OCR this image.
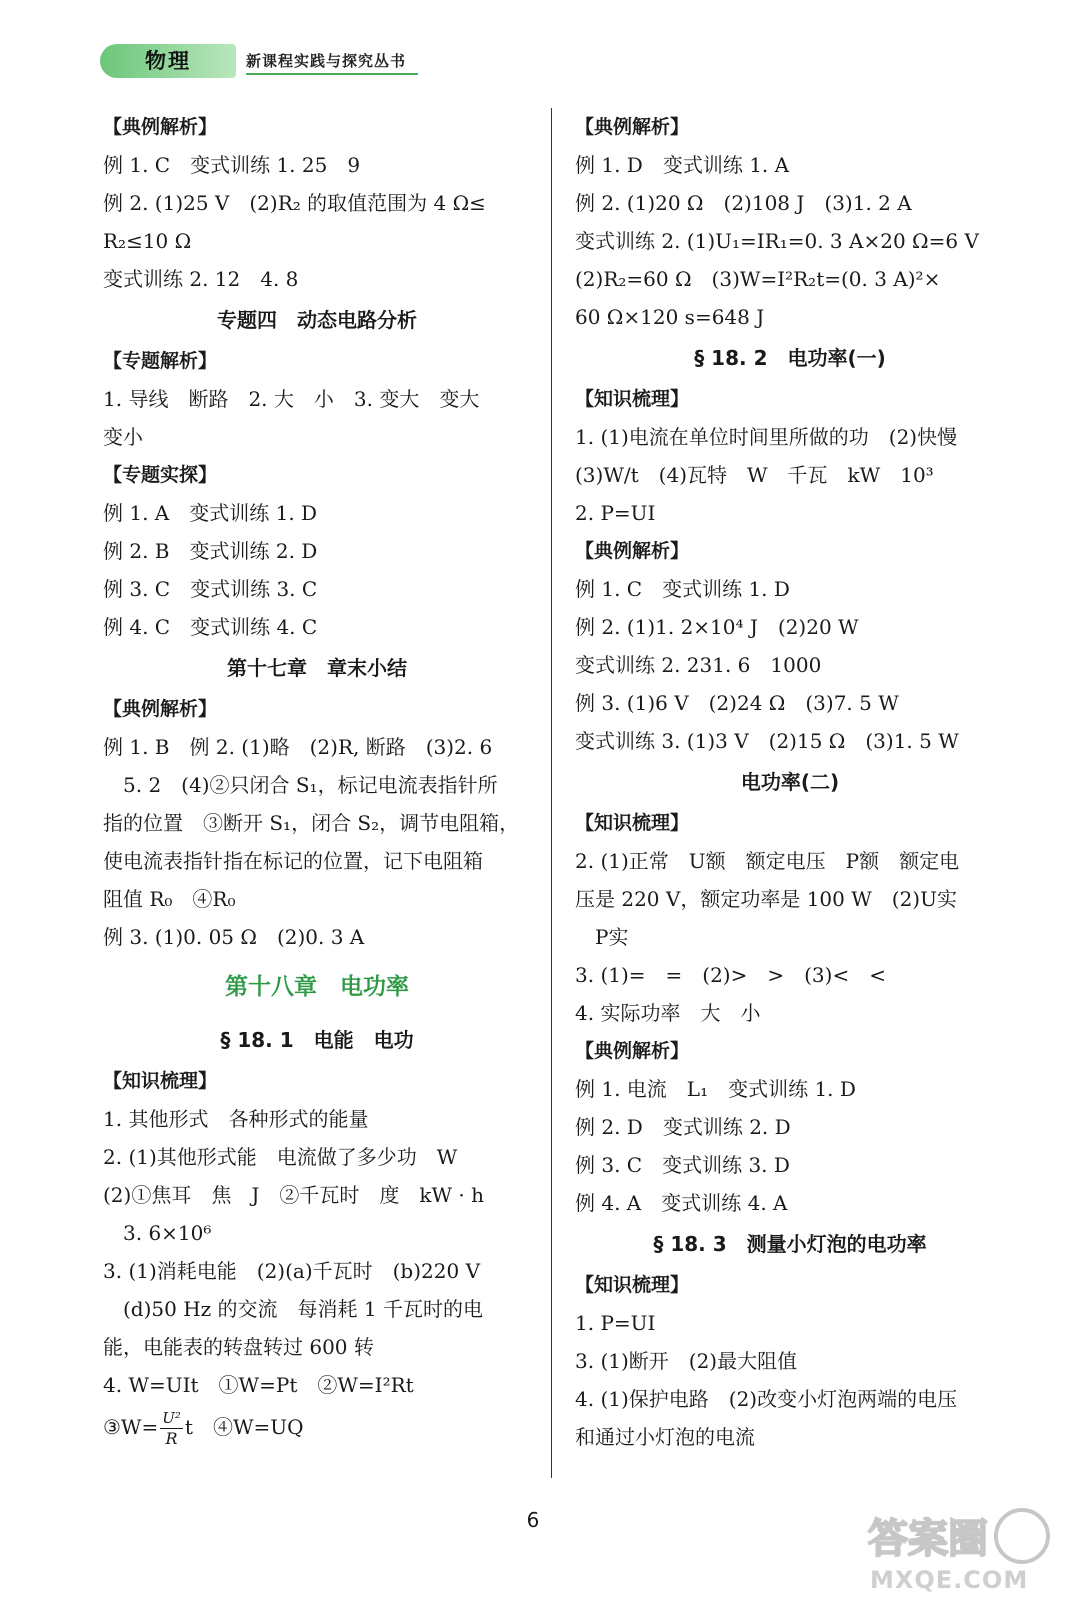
物理	新课程实践与探究丛书
【典例解析】
例 1. C　变式训练 1. 25　9
例 2. (1)25 V　(2)R₂ 的取值范围为 4 Ω≤
R₂≤10 Ω
变式训练 2. 12　4. 8
专题四　动态电路分析
【专题解析】
1. 导线　断路　2. 大　小　3. 变大　变大
变小
【专题实探】
例 1. A　变式训练 1. D
例 2. B　变式训练 2. D
例 3. C　变式训练 3. C
例 4. C　变式训练 4. C
第十七章　章末小结
【典例解析】
例 1. B　例 2. (1)略　(2)R, 断路　(3)2. 6
5. 2　(4)②只闭合 S₁，标记电流表指针所
指的位置　③断开 S₁，闭合 S₂，调节电阻箱，
使电流表指针指在标记的位置，记下电阻箱
阻值 R₀　④R₀
例 3. (1)0. 05 Ω　(2)0. 3 A
第十八章　电功率
§ 18. 1　电能　电功
【知识梳理】
1. 其他形式　各种形式的能量
2. (1)其他形式能　电流做了多少功　W
(2)①焦耳　焦　J　②千瓦时　度　kW · h
3. 6×10⁶
3. (1)消耗电能　(2)(a)千瓦时　(b)220 V
(d)50 Hz 的交流　每消耗 1 千瓦时的电
能，电能表的转盘转过 600 转
4. W=UIt　①W=Pt　②W=I²Rt
③W= $\frac{\text{U²}}{R}$ t　④W=UQ
【典例解析】
例 1. D　变式训练 1. A
例 2. (1)20 Ω　(2)108 J　(3)1. 2 A
变式训练 2. (1)U₁=IR₁=0. 3 A×20 Ω=6 V
(2)R₂=60 Ω　(3)W=I²R₂t=(0. 3 A)²×
60 Ω×120 s=648 J
§ 18. 2　电功率(一)
【知识梳理】
1. (1)电流在单位时间里所做的功　(2)快慢
(3)W/t　(4)瓦特　W　千瓦　kW　10³
2. P=UI
【典例解析】
例 1. C　变式训练 1. D
例 2. (1)1. 2×10⁴ J　(2)20 W
变式训练 2. 231. 6　1000
例 3. (1)6 V　(2)24 Ω　(3)7. 5 W
变式训练 3. (1)3 V　(2)15 Ω　(3)1. 5 W
电功率(二)
【知识梳理】
2. (1)正常　U额　额定电压　P额　额定电
压是 220 V，额定功率是 100 W　(2)U实
P实
3. (1)=　=　(2)>　>　(3)<　<
4. 实际功率　大　小
【典例解析】
例 1. 电流　L₁　变式训练 1. D
例 2. D　变式训练 2. D
例 3. C　变式训练 3. D
例 4. A　变式训练 4. A
§ 18. 3　测量小灯泡的电功率
【知识梳理】
1. P=UI
3. (1)断开　(2)最大阻值
4. (1)保护电路　(2)改变小灯泡两端的电压
和通过小灯泡的电流
6	答案圈
MXQE.COM
